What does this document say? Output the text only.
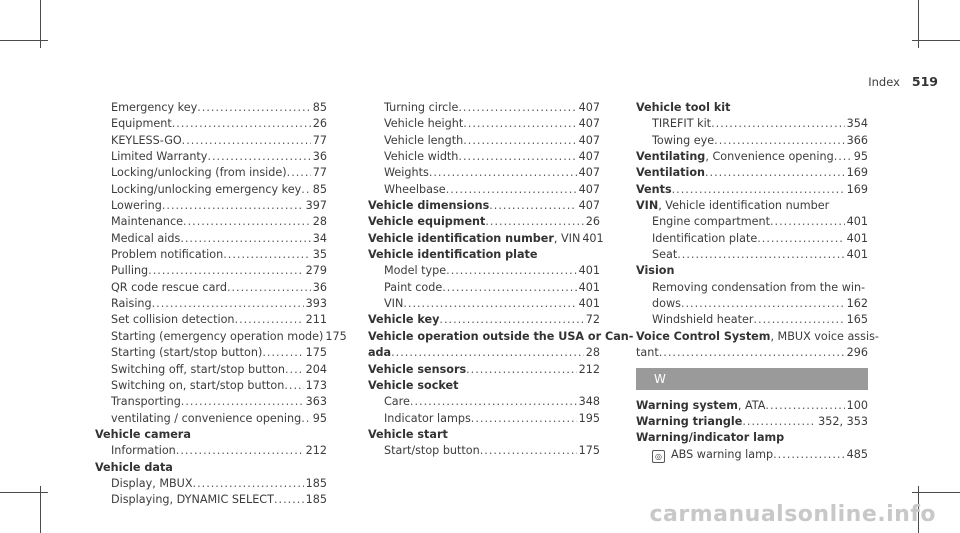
Index 519
Emergency key .....	85
Equipment .....	26
KEYLESS-GO .....	77
Limited Warranty .....	36
Locking/unlocking (from inside) ..... 77
Locking/unlocking emergency key ..... 85
Lowering .....	397
Maintenance .....	28
Medical aids .....	34
Problem notification .....	35
Pulling .....	279
QR code rescue card .....	36
Raising .....	393
Set collision detection .....	211
Starting (emergency operation mode) 175
Starting (start/stop button) .....	175
Switching off, start/stop button ..... 204
Switching on, start/stop button ..... 173
Transporting .....	363
ventilating / convenience opening ..... 95
Vehicle camera
Information .....	212
Vehicle data
Display, MBUX .....	185
Displaying, DYNAMIC SELECT .....	185
Turning circle .....	407
Vehicle height .....	407
Vehicle length .....	407
Vehicle width .....	407
Weights .....	407
Wheelbase .....	407
Vehicle dimensions .....	407
Vehicle equipment .....	26
Vehicle identification number, VIN 401
Vehicle identification plate
Model type .....	401
Paint code .....	401
VIN .....	401
Vehicle key .....	72
Vehicle operation outside the USA or Can-
ada .....	28
Vehicle sensors .....	212
Vehicle socket
Care .....	348
Indicator lamps .....	195
Vehicle start
Start/stop button .....	175
Vehicle tool kit
TIREFIT kit .....	354
Towing eye .....	366
Ventilating, Convenience opening ..... 95
Ventilation .....	169
Vents .....	169
VIN, Vehicle identification number
Engine compartment .....	401
Identification plate .....	401
Seat .....	401
Vision
Removing condensation from the win-
dows .....	162
Windshield heater .....	165
Voice Control System, MBUX voice assis-
tant .....	296
W
Warning system, ATA .....	100
Warning triangle .....	352, 353
Warning/indicator lamp
◎ ABS warning lamp .....	485
carmanualsonline.info
